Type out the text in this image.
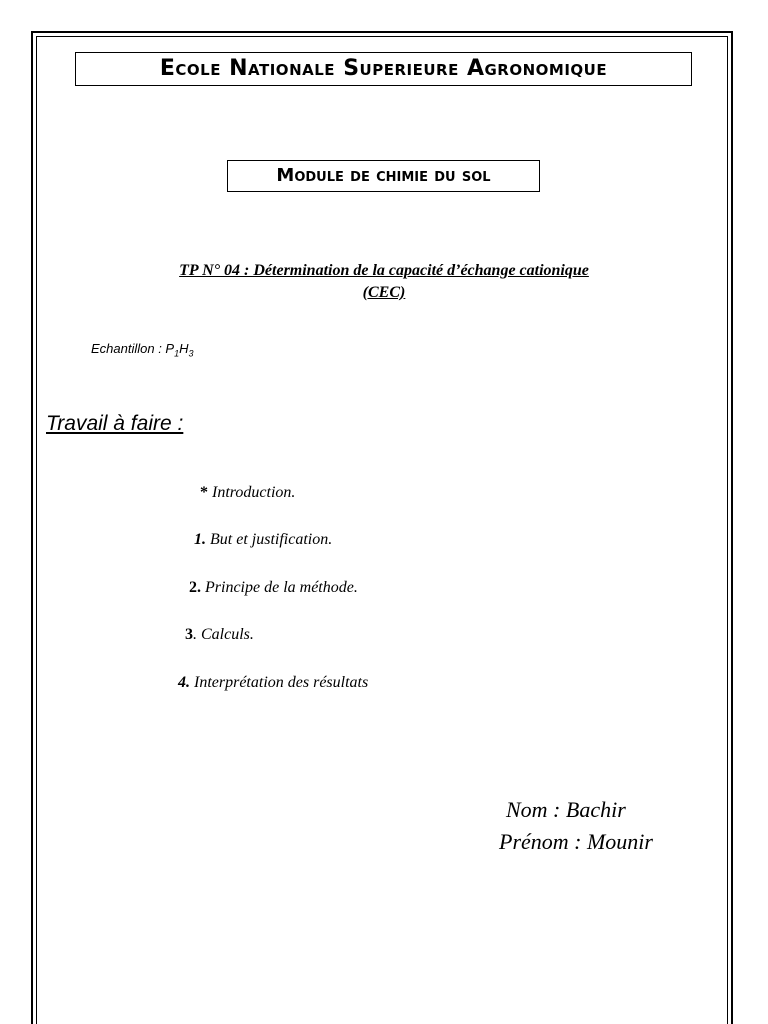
Ecole Nationale Superieure Agronomique
Module de chimie du sol
TP N° 04 : Détermination de la capacité d’échange cationique
(CEC)
Echantillon : $P_1H_3$
Travail à faire :
* Introduction.
1. But et justification.
2. Principe de la méthode.
3. Calculs.
4. Interprétation des résultats
Nom : Bachir
Prénom : Mounir
